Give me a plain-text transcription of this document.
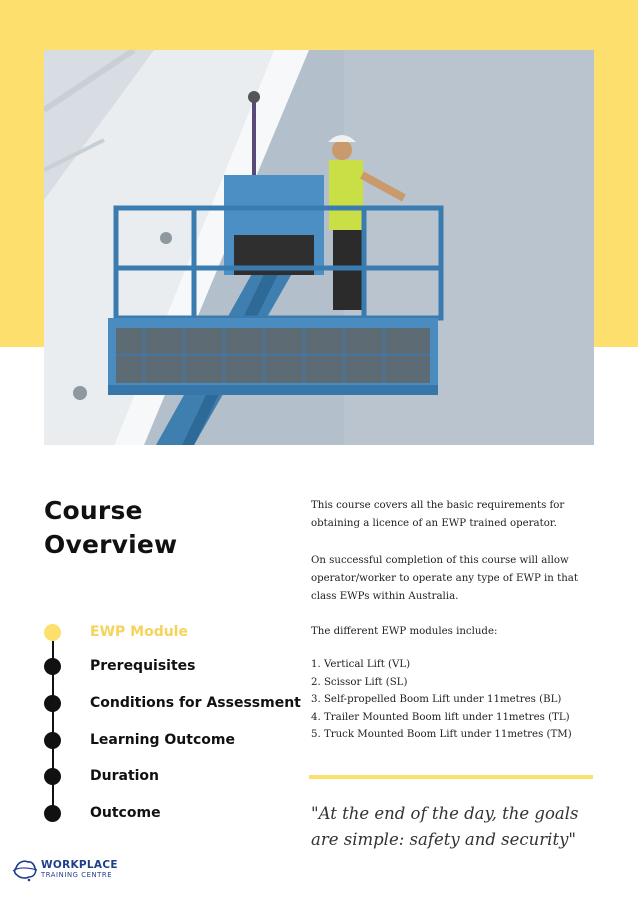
Course
Overview
EWP Module
Prerequisites
Conditions for Assessment
Learning Outcome
Duration
Outcome

This course covers all the basic requirements for obtaining a licence of an EWP trained operator.

On successful completion of this course will allow operator/worker to operate any type of EWP in that class EWPs within Australia.

The different EWP modules include:

1. Vertical Lift (VL)
2. Scissor Lift (SL)
3. Self-propelled Boom Lift under 11metres (BL)
4. Trailer Mounted Boom lift under 11metres (TL)
5. Truck Mounted Boom Lift under 11metres (TM)

"At the end of the day, the goals
are simple: safety and security"

WORKPLACE
TRAINING CENTRE
